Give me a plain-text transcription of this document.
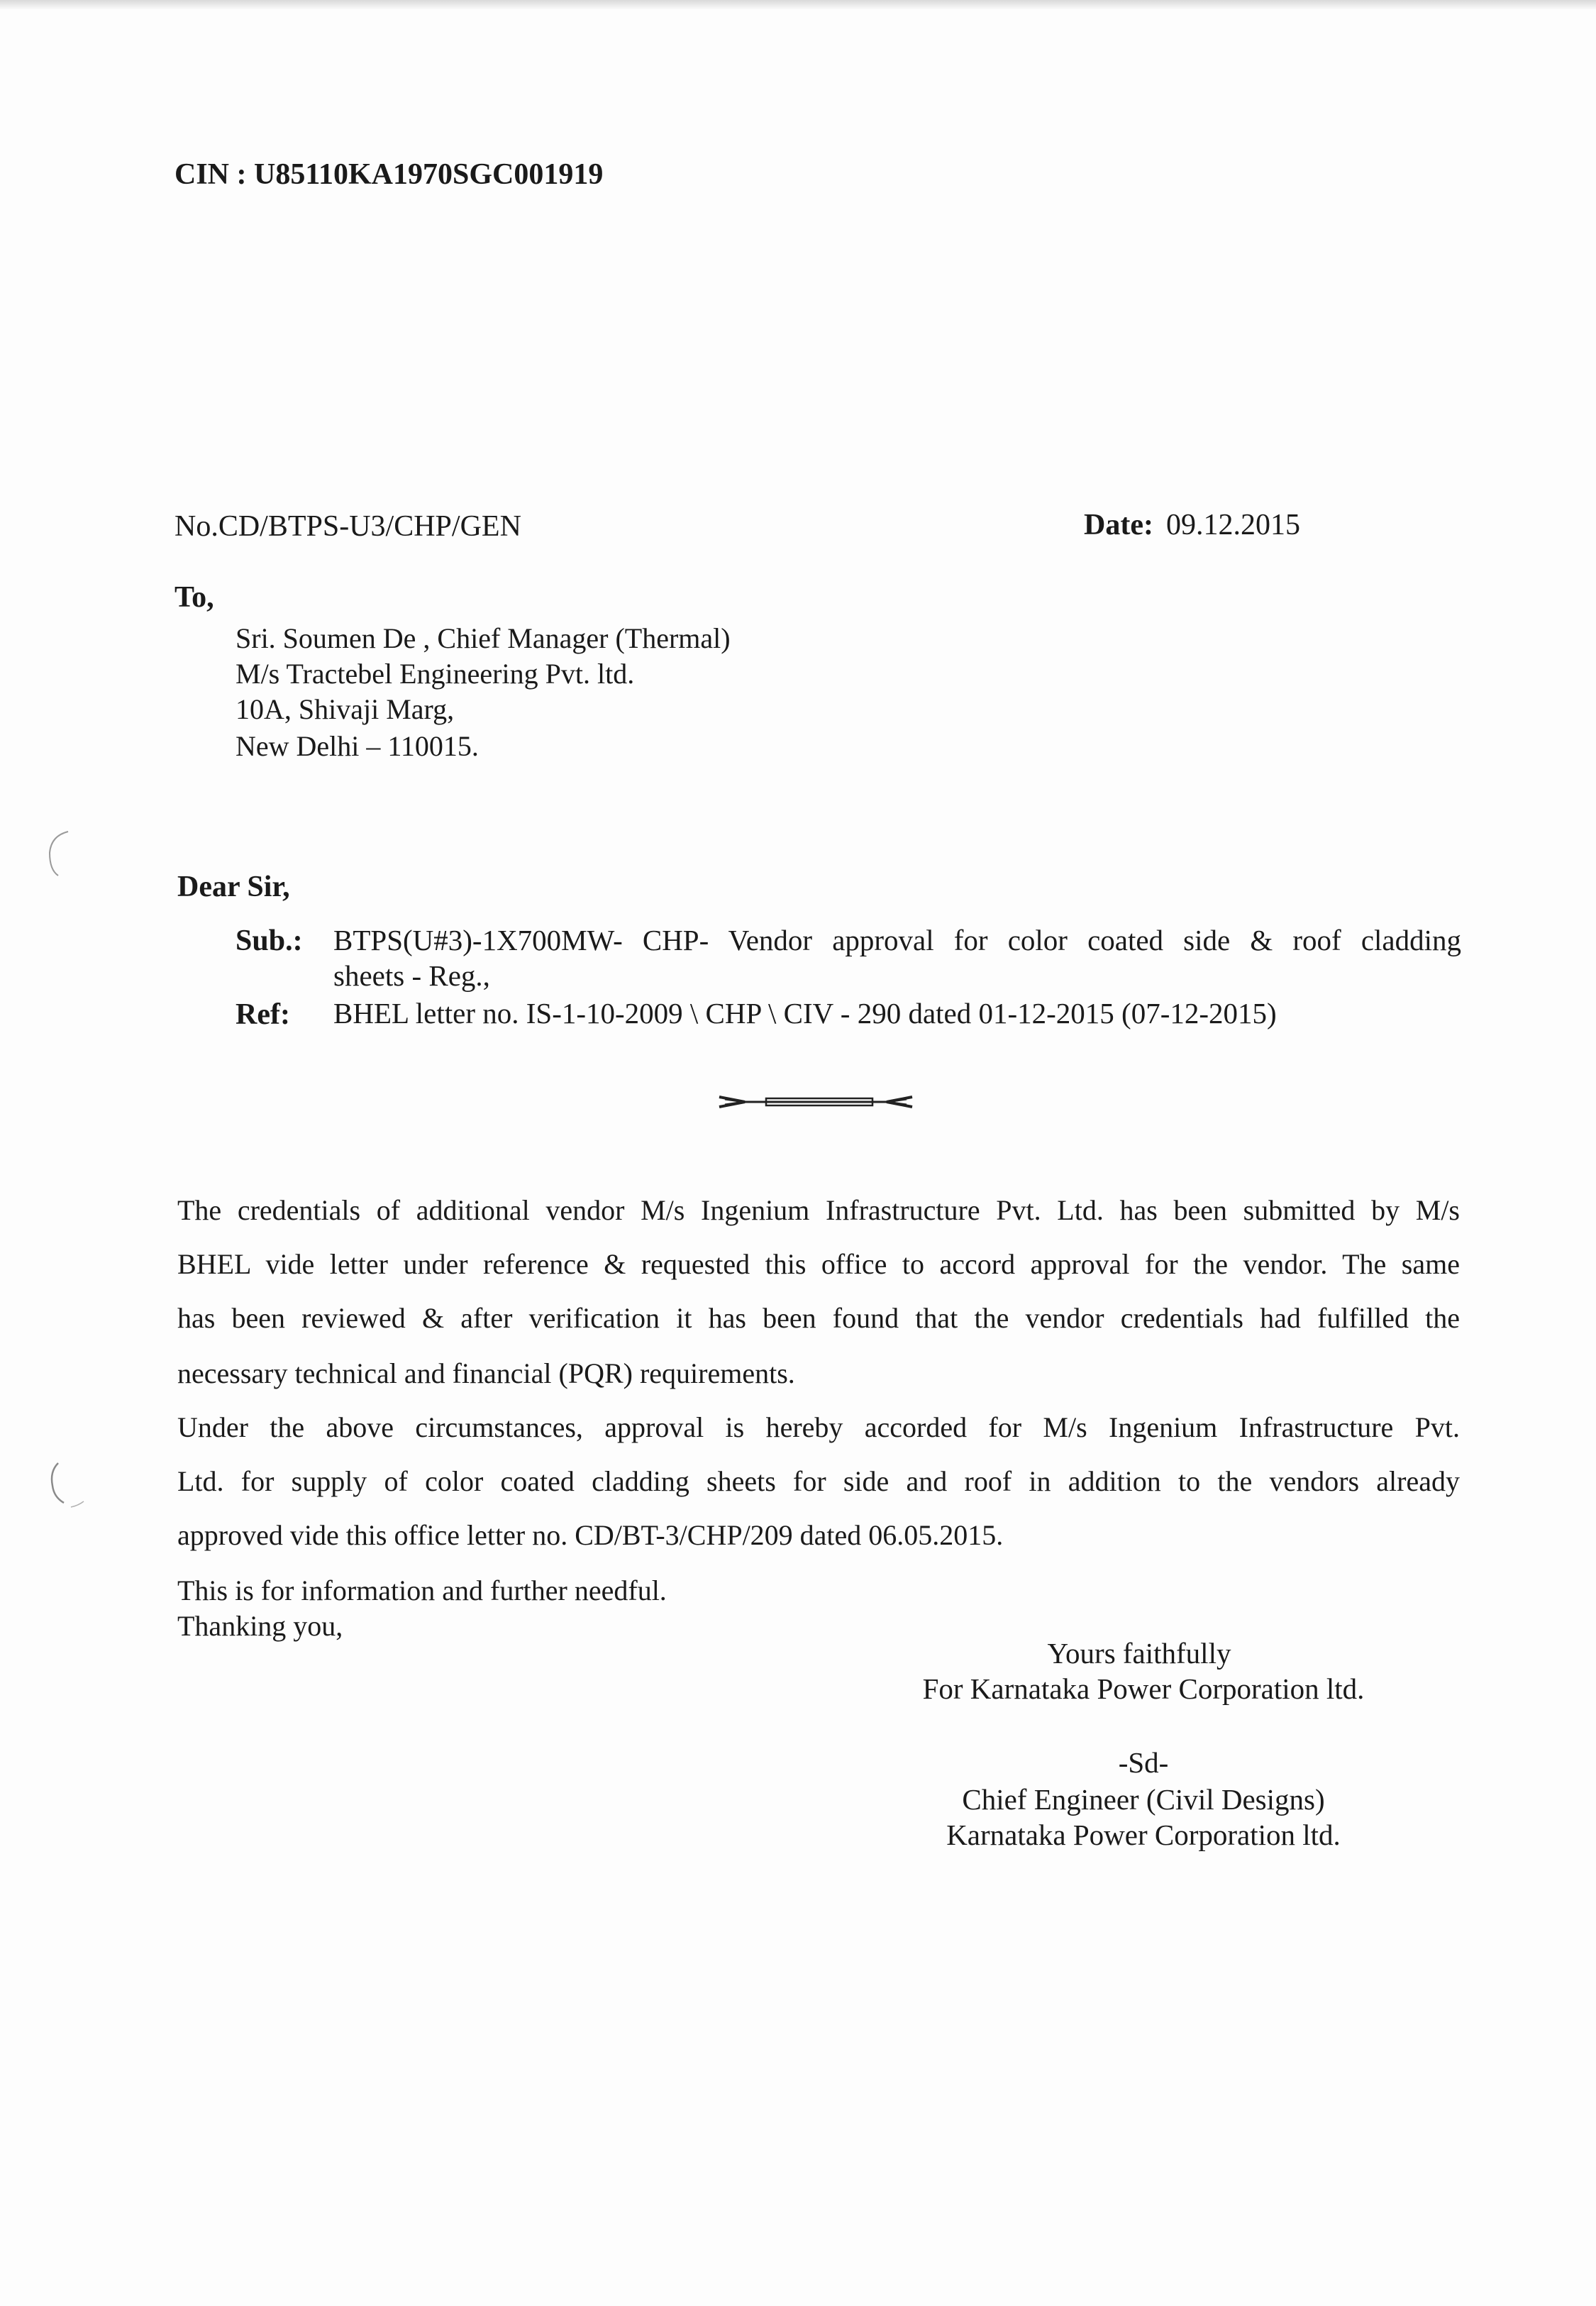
CIN : U85110KA1970SGC001919
No.CD/BTPS-U3/CHP/GEN	Date: 09.12.2015
To,
Sri. Soumen De , Chief Manager (Thermal)
M/s Tractebel Engineering Pvt. ltd.
10A, Shivaji Marg,
New Delhi – 110015.
Dear Sir,
Sub.: BTPS(U#3)-1X700MW- CHP- Vendor approval for color coated side & roof cladding
sheets - Reg.,
Ref: BHEL letter no. IS-1-10-2009 \ CHP \ CIV - 290 dated 01-12-2015 (07-12-2015)
The credentials of additional vendor M/s Ingenium Infrastructure Pvt. Ltd. has been submitted by M/s
BHEL vide letter under reference & requested this office to accord approval for the vendor. The same
has been reviewed & after verification it has been found that the vendor credentials had fulfilled the
necessary technical and financial (PQR) requirements.
Under the above circumstances, approval is hereby accorded for M/s Ingenium Infrastructure Pvt.
Ltd. for supply of color coated cladding sheets for side and roof in addition to the vendors already
approved vide this office letter no. CD/BT-3/CHP/209 dated 06.05.2015.
This is for information and further needful.
Thanking you,
Yours faithfully
For Karnataka Power Corporation ltd.
-Sd-
Chief Engineer (Civil Designs)
Karnataka Power Corporation ltd.
